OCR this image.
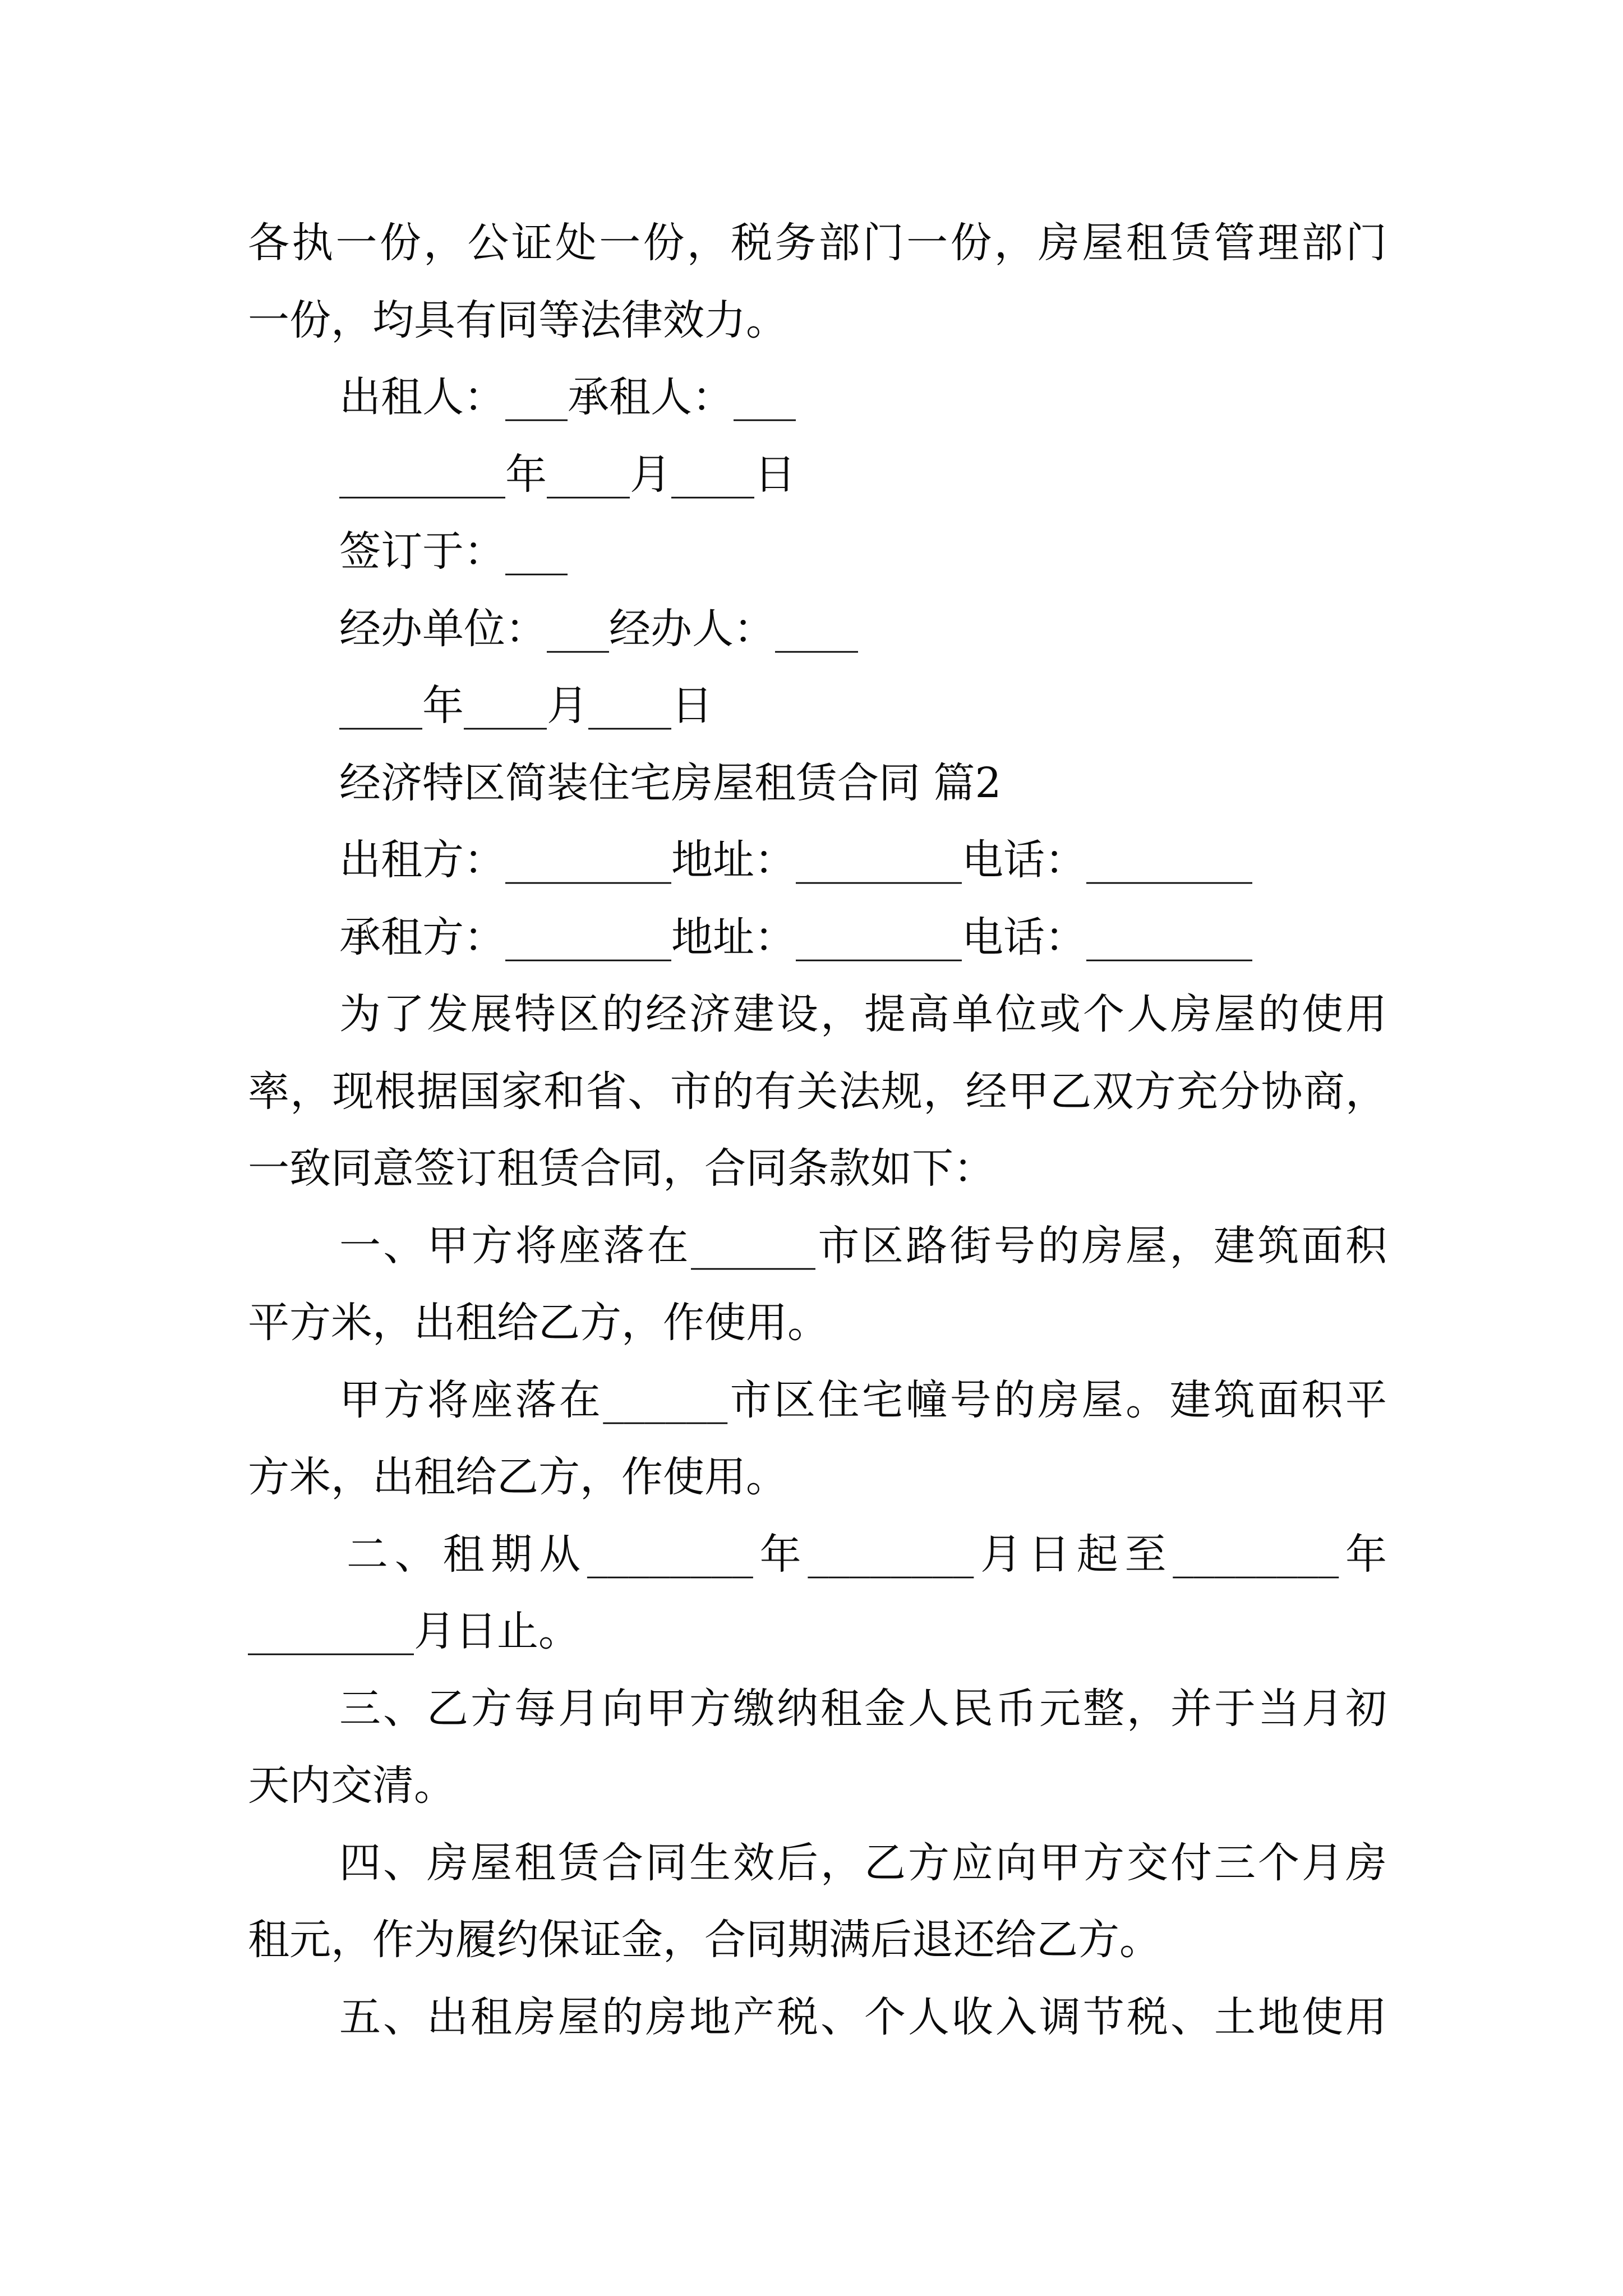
各执一份，公证处一份，税务部门一份，房屋租赁管理部门
一份，均具有同等法律效力。
出租人：___承租人：___
________年____月____日
签订于：___
经办单位：___经办人：____
____年____月____日
经济特区简装住宅房屋租赁合同 篇2
出租方：________地址：________电话：________
承租方：________地址：________电话：________
为了发展特区的经济建设，提高单位或个人房屋的使用
率，现根据国家和省、市的有关法规，经甲乙双方充分协商，
一致同意签订租赁合同，合同条款如下：
一、甲方将座落在______市区路街号的房屋，建筑面积
平方米，出租给乙方，作使用。
甲方将座落在______市区住宅幢号的房屋。建筑面积平
方米，出租给乙方，作使用。
二、租期从________年________月日起至________年
________月日止。
三、乙方每月向甲方缴纳租金人民币元整，并于当月初
天内交清。
四、房屋租赁合同生效后，乙方应向甲方交付三个月房
租元，作为履约保证金，合同期满后退还给乙方。
五、出租房屋的房地产税、个人收入调节税、土地使用
